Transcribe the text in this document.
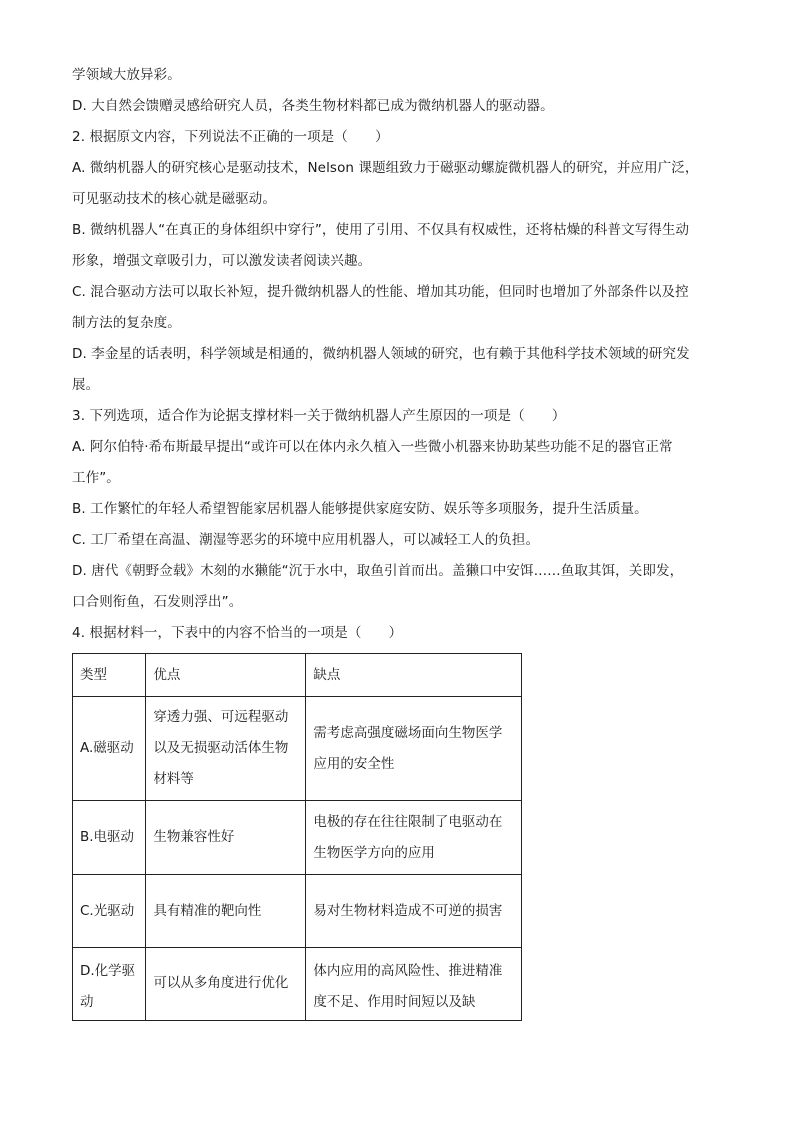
学领域大放异彩。
D. 大自然会馈赠灵感给研究人员，各类生物材料都已成为微纳机器人的驱动器。
2. 根据原文内容，下列说法不正确的一项是（　　）
A. 微纳机器人的研究核心是驱动技术，Nelson 课题组致力于磁驱动螺旋微机器人的研究，并应用广泛，
可见驱动技术的核心就是磁驱动。
B. 微纳机器人“在真正的身体组织中穿行”，使用了引用、不仅具有权威性，还将枯燥的科普文写得生动
形象，增强文章吸引力，可以激发读者阅读兴趣。
C. 混合驱动方法可以取长补短，提升微纳机器人的性能、增加其功能，但同时也增加了外部条件以及控
制方法的复杂度。
D. 李金星的话表明，科学领域是相通的，微纳机器人领域的研究，也有赖于其他科学技术领域的研究发
展。
3. 下列选项，适合作为论据支撑材料一关于微纳机器人产生原因的一项是（　　）
A. 阿尔伯特·希布斯最早提出“或许可以在体内永久植入一些微小机器来协助某些功能不足的器官正常
工作”。
B. 工作繁忙的年轻人希望智能家居机器人能够提供家庭安防、娱乐等多项服务，提升生活质量。
C. 工厂希望在高温、潮湿等恶劣的环境中应用机器人，可以减轻工人的负担。
D. 唐代《朝野佥载》木刻的水獭能“沉于水中，取鱼引首而出。盖獭口中安饵……鱼取其饵，关即发，
口合则衔鱼，石发则浮出”。
4. 根据材料一，下表中的内容不恰当的一项是（　　）
类型	优点	缺点

A.磁驱动	穿透力强、可远程驱动以及无损驱动活体生物材料等	需考虑高强度磁场面向生物医学应用的安全性

B.电驱动	生物兼容性好	电极的存在往往限制了电驱动在生物医学方向的应用

C.光驱动	具有精准的靶向性	易对生物材料造成不可逆的损害

D.化学驱动	可以从多角度进行优化	体内应用的高风险性、推进精准度不足、作用时间短以及缺
